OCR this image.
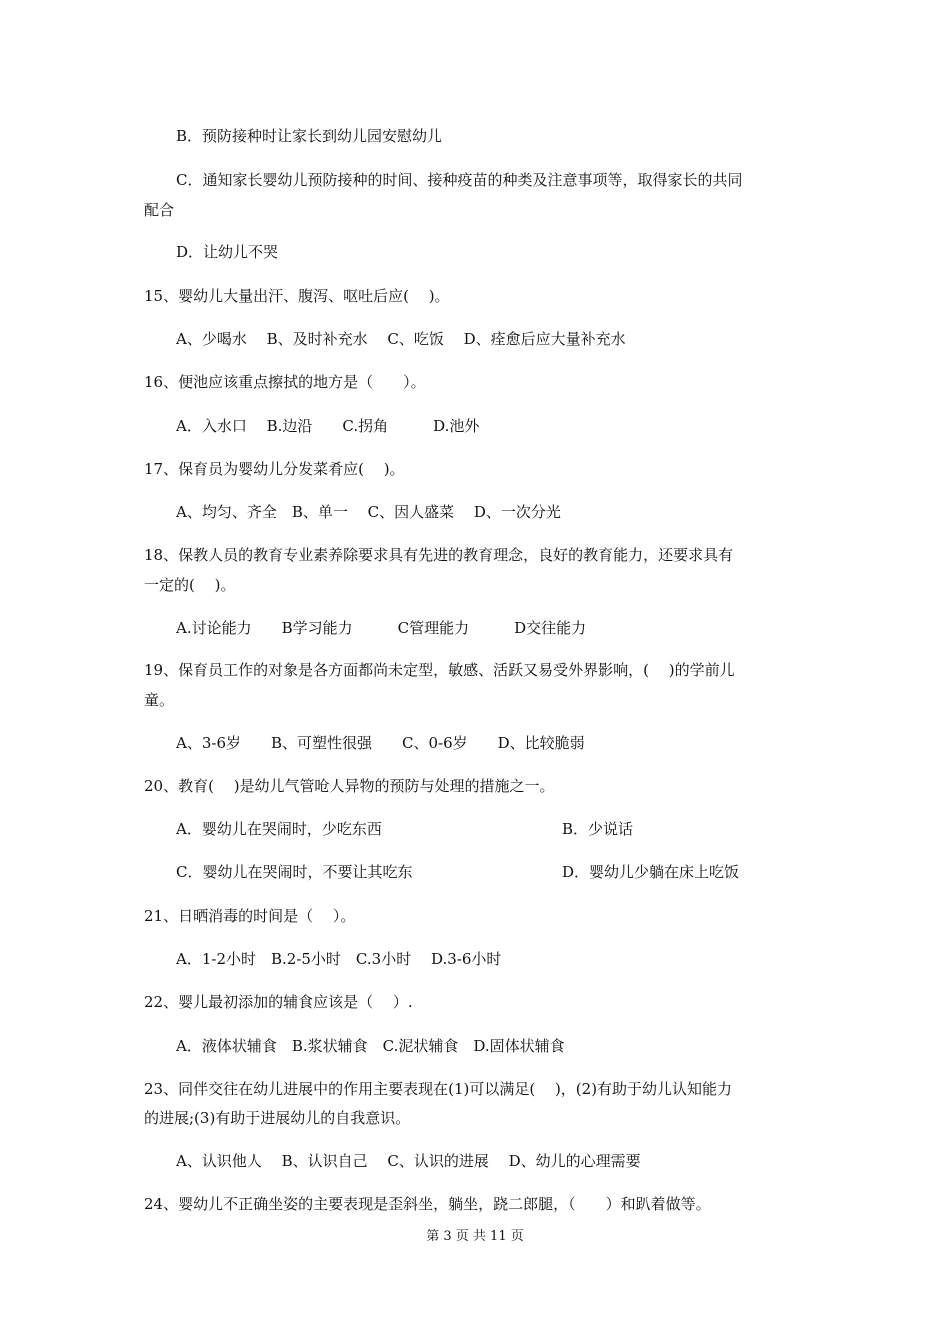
B．预防接种时让家长到幼儿园安慰幼儿
C．通知家长婴幼儿预防接种的时间、接种疫苗的种类及注意事项等，取得家长的共同
配合
D．让幼儿不哭
15、婴幼儿大量出汗、腹泻、呕吐后应(　 )。
A、少喝水　 B、及时补充水　 C、吃饭　 D、痊愈后应大量补充水
16、便池应该重点擦拭的地方是（　　）。
A．入水口　 B.边沿　　C.拐角　　　D.池外
17、保育员为婴幼儿分发菜肴应(　 )。
A、均匀、齐全　B、单一　 C、因人盛菜　 D、一次分光
18、保教人员的教育专业素养除要求具有先进的教育理念，良好的教育能力，还要求具有
一定的(　 )。
A.讨论能力　　B学习能力　　　C管理能力　　　D交往能力
19、保育员工作的对象是各方面都尚未定型，敏感、活跃又易受外界影响，(　 )的学前儿
童。
A、3-6岁　　B、可塑性很强　　C、0-6岁　　D、比较脆弱
20、教育(　 )是幼儿气管呛人异物的预防与处理的措施之一。
A．婴幼儿在哭闹时，少吃东西	B．少说话
C．婴幼儿在哭闹时，不要让其吃东	D．婴幼儿少躺在床上吃饭
21、日晒消毒的时间是（　 ）。
A．1-2小时　B.2-5小时　C.3小时　 D.3-6小时
22、婴儿最初添加的辅食应该是（　 ）.
A．液体状辅食　B.浆状辅食　C.泥状辅食　D.固体状辅食
23、同伴交往在幼儿进展中的作用主要表现在(1)可以满足(　 )，(2)有助于幼儿认知能力
的进展;(3)有助于进展幼儿的自我意识。
A、认识他人　 B、认识自己　 C、认识的进展　 D、幼儿的心理需要
24、婴幼儿不正确坐姿的主要表现是歪斜坐，躺坐，跷二郎腿，（　　）和趴着做等。
第 3 页 共 11 页
